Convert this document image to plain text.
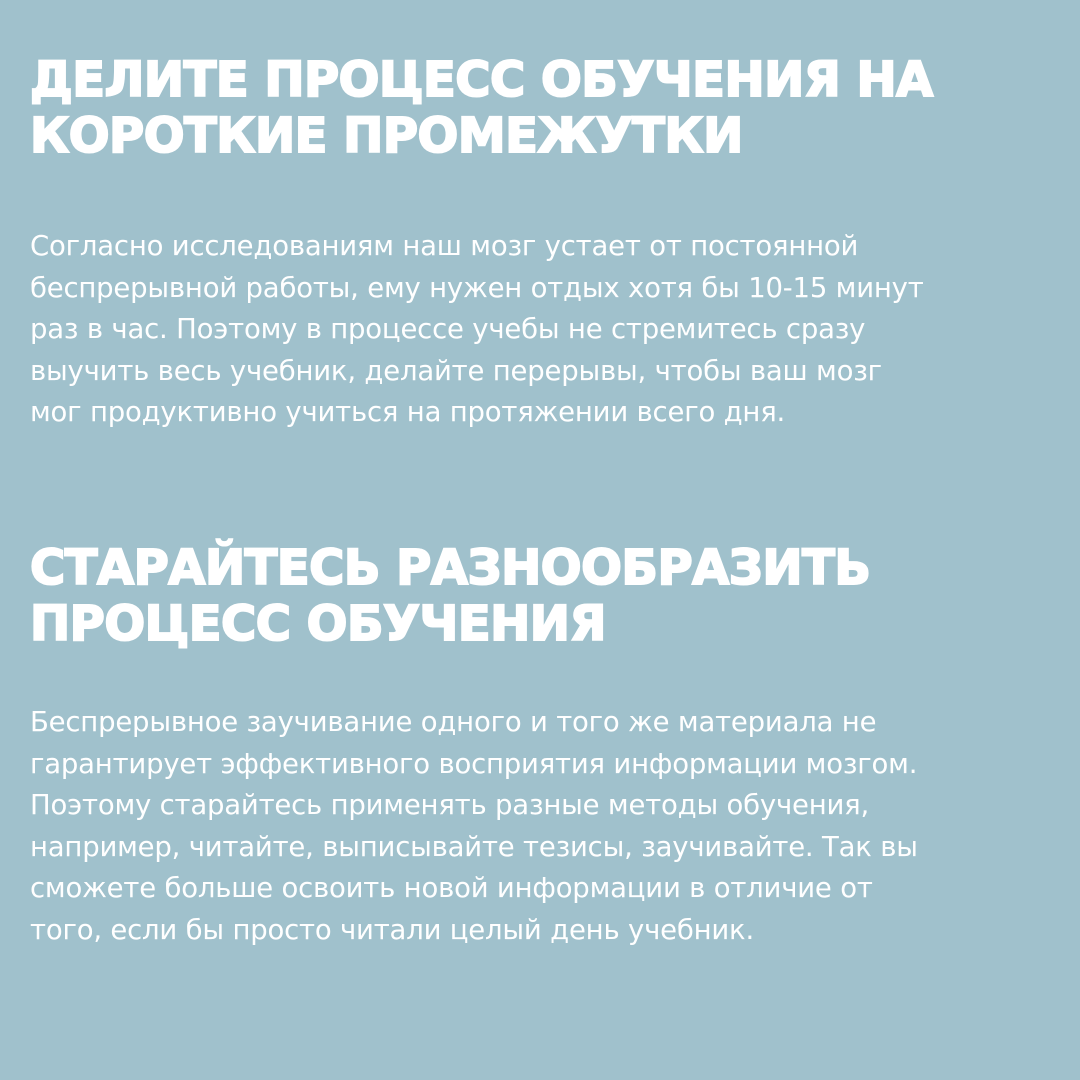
ДЕЛИТЕ ПРОЦЕСС ОБУЧЕНИЯ НА
КОРОТКИЕ ПРОМЕЖУТКИ

Согласно исследованиям наш мозг устает от постоянной
беспрерывной работы, ему нужен отдых хотя бы 10-15 минут
раз в час. Поэтому в процессе учебы не стремитесь сразу
выучить весь учебник, делайте перерывы, чтобы ваш мозг
мог продуктивно учиться на протяжении всего дня.

СТАРАЙТЕСЬ РАЗНООБРАЗИТЬ
ПРОЦЕСС ОБУЧЕНИЯ

Беспрерывное заучивание одного и того же материала не
гарантирует эффективного восприятия информации мозгом.
Поэтому старайтесь применять разные методы обучения,
например, читайте, выписывайте тезисы, заучивайте. Так вы
сможете больше освоить новой информации в отличие от
того, если бы просто читали целый день учебник.
